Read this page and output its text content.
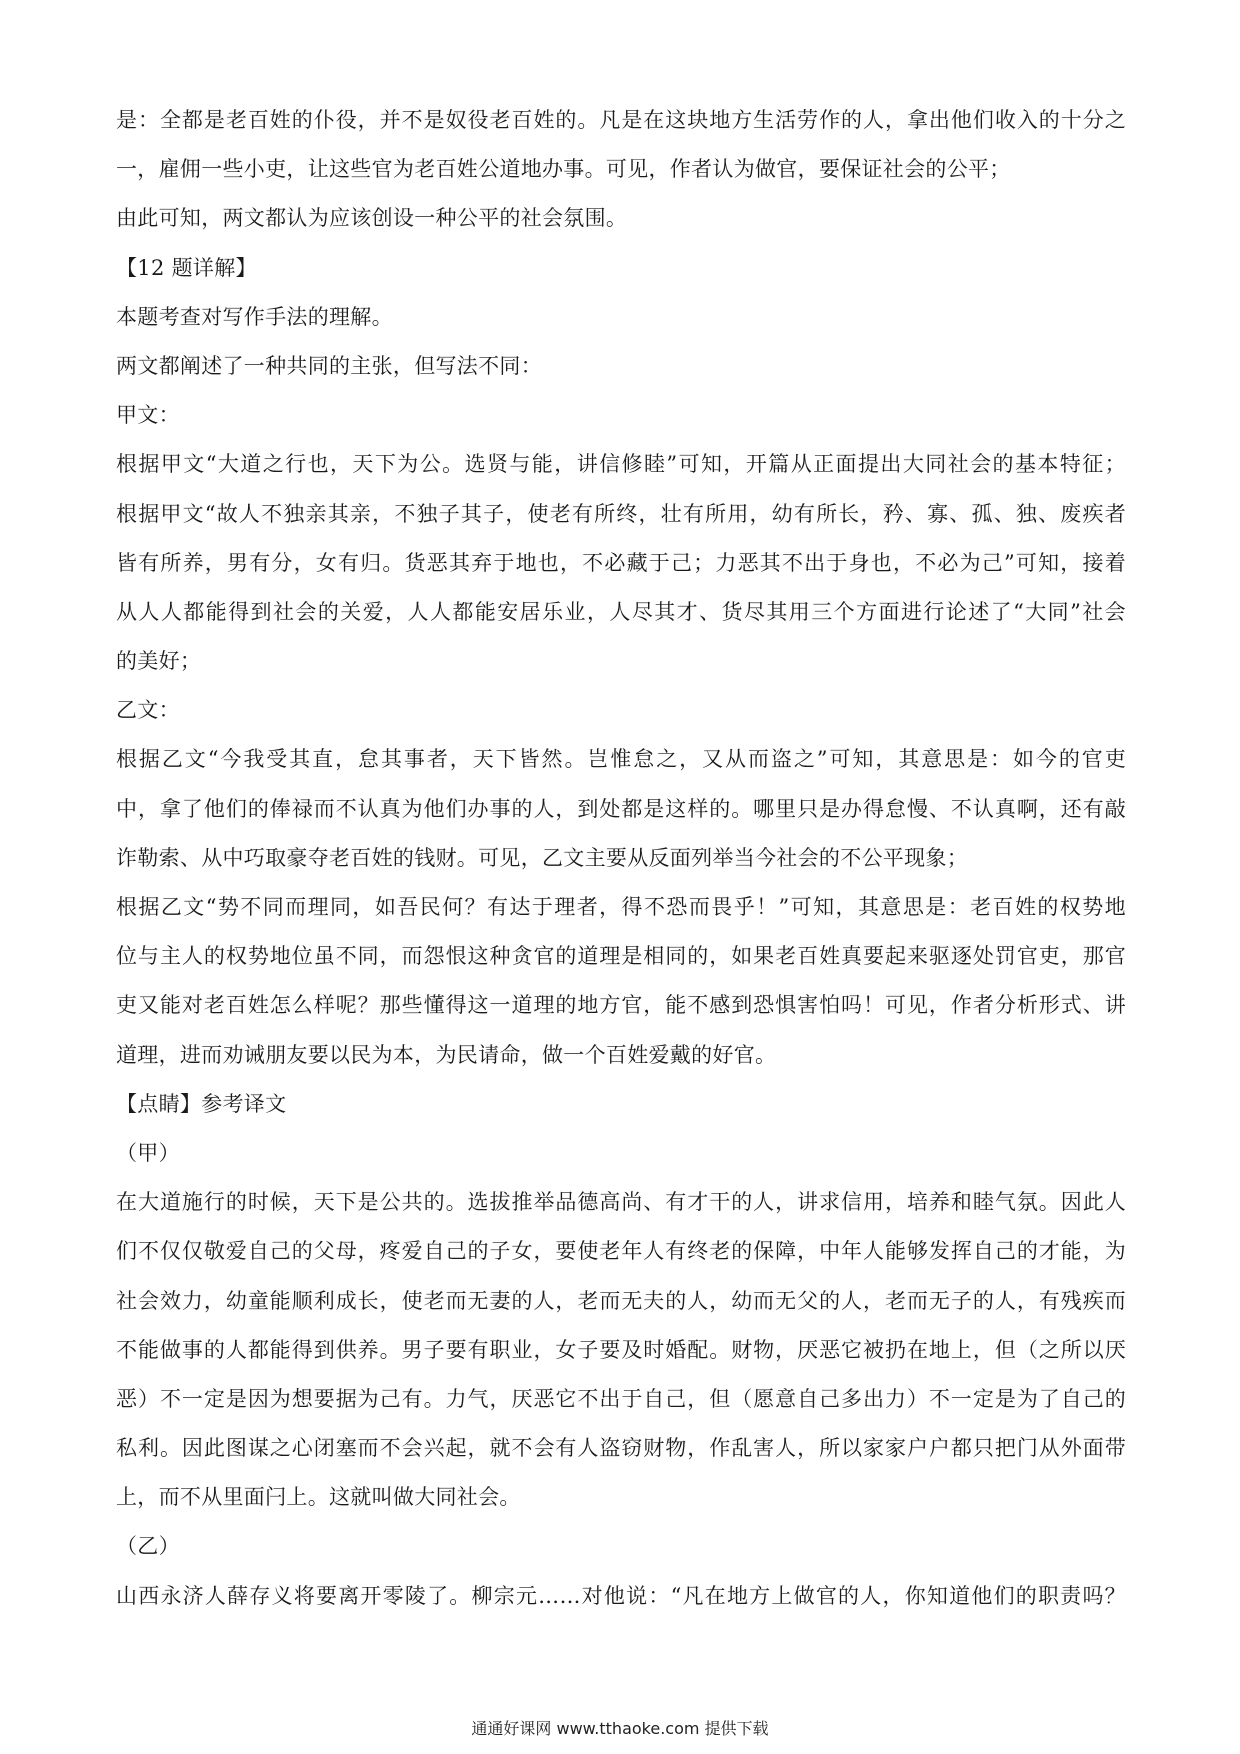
是：全都是老百姓的仆役，并不是奴役老百姓的。凡是在这块地方生活劳作的人，拿出他们收入的十分之
一，雇佣一些小吏，让这些官为老百姓公道地办事。可见，作者认为做官，要保证社会的公平；
由此可知，两文都认为应该创设一种公平的社会氛围。
【12 题详解】
本题考查对写作手法的理解。
两文都阐述了一种共同的主张，但写法不同：
甲文：
根据甲文“大道之行也，天下为公。选贤与能，讲信修睦”可知，开篇从正面提出大同社会的基本特征；
根据甲文“故人不独亲其亲，不独子其子，使老有所终，壮有所用，幼有所长，矜、寡、孤、独、废疾者
皆有所养，男有分，女有归。货恶其弃于地也，不必藏于己；力恶其不出于身也，不必为己”可知，接着
从人人都能得到社会的关爱，人人都能安居乐业，人尽其才、货尽其用三个方面进行论述了“大同”社会
的美好；
乙文：
根据乙文“今我受其直，怠其事者，天下皆然。岂惟怠之，又从而盗之”可知，其意思是：如今的官吏
中，拿了他们的俸禄而不认真为他们办事的人，到处都是这样的。哪里只是办得怠慢、不认真啊，还有敲
诈勒索、从中巧取豪夺老百姓的钱财。可见，乙文主要从反面列举当今社会的不公平现象；
根据乙文“势不同而理同，如吾民何？有达于理者，得不恐而畏乎！”可知，其意思是：老百姓的权势地
位与主人的权势地位虽不同，而怨恨这种贪官的道理是相同的，如果老百姓真要起来驱逐处罚官吏，那官
吏又能对老百姓怎么样呢？那些懂得这一道理的地方官，能不感到恐惧害怕吗！可见，作者分析形式、讲
道理，进而劝诫朋友要以民为本，为民请命，做一个百姓爱戴的好官。
【点睛】参考译文
（甲）
在大道施行的时候，天下是公共的。选拔推举品德高尚、有才干的人，讲求信用，培养和睦气氛。因此人
们不仅仅敬爱自己的父母，疼爱自己的子女，要使老年人有终老的保障，中年人能够发挥自己的才能，为
社会效力，幼童能顺利成长，使老而无妻的人，老而无夫的人，幼而无父的人，老而无子的人，有残疾而
不能做事的人都能得到供养。男子要有职业，女子要及时婚配。财物，厌恶它被扔在地上，但（之所以厌
恶）不一定是因为想要据为己有。力气，厌恶它不出于自己，但（愿意自己多出力）不一定是为了自己的
私利。因此图谋之心闭塞而不会兴起，就不会有人盗窃财物，作乱害人，所以家家户户都只把门从外面带
上，而不从里面闩上。这就叫做大同社会。
（乙）
山西永济人薛存义将要离开零陵了。柳宗元……对他说：“凡在地方上做官的人，你知道他们的职责吗？
通通好课网 www.tthaoke.com 提供下载
